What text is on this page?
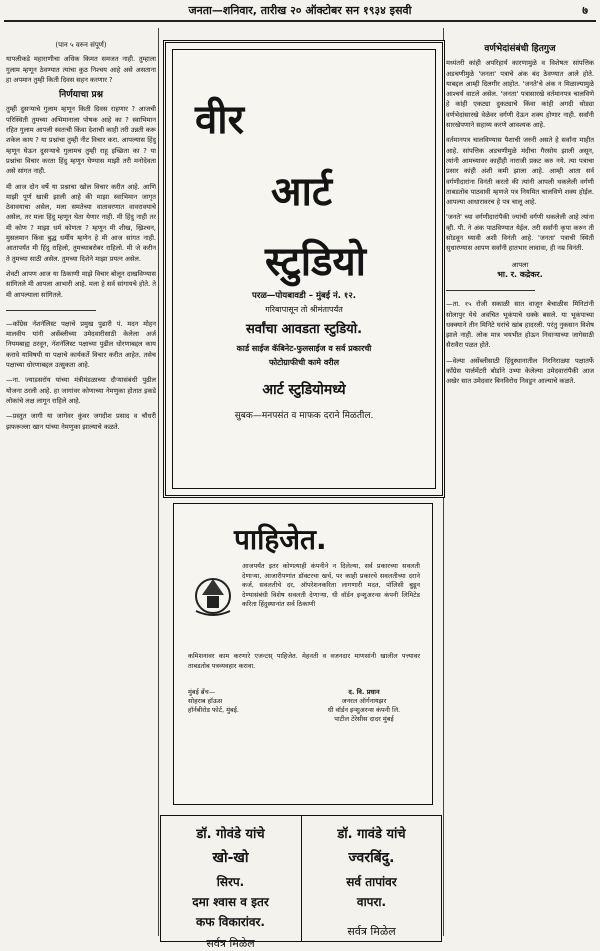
जनता—शनिवार, तारीख २० ऑक्टोबर सन १९३४ इसवी	७
(पान ५ वरुन संपूर्ण)

यापलीकडे महाराणीचा अधिक किमत समजत नाही. तुम्हाला गुलाम म्हणून ठेवण्यात त्यांचा कुठ निश्चय आहे असे असताना हा अपमान तुम्ही किती दिवस सहन करणार ?

निर्णयाचा प्रश्न

तुम्ही दुसऱ्याचे गुलाम म्हणून किती दिवस राहणार ? आजची परिस्थिती तुमच्या अभिमानाला पोषक आहे का ? स्वाभिमान रहित गुलाम आपली स्वतःची किंवा देशाची काही तरी उन्नती करू शकेल काय ? या प्रश्नांचा तुम्ही नीट विचार करा. आपल्यास हिंदु म्हणून घेऊन दुसऱ्याचे गुलामच तुम्ही राहू इच्छिता का ? या प्रश्नांचा विचार करता हिंदु म्हणून घेण्यास माझी तरी मनोदेवता असे सांगत नाही.

मी आज दोन वर्षे या प्रश्नाचा खोल विचार करीत आहे. आणि माझी पूर्ण खात्री झाली आहे की माझा स्वाभिमान जागृत ठेवावयाचा असेल, मला समतेच्या वातावरणात वावरावयाचे असेल, तर मला हिंदु म्हणून घेता येणार नाही. मी हिंदु नाही तर मी कोण ? माझा धर्म कोणता ? म्हणून मी शीख, ख्रिश्चन, मुसलमान किंवा बुद्ध धर्मीय म्हणेन हे मी आज सांगत नाही. आतापर्यंत मी हिंदु राहिलो, तुमच्याबरोबर राहिलो. मी जे करीन ते तुमच्या साठी असेल. तुमच्या दिशेने माझा प्रयत्न असेल.

शेवटी आपण आज या ठिकाणी माझे विचार बोलून दाखविण्यास सांगितले मी आपला आभारी आहे. मला हे सर्व सांगायचे होते. ते मी आपल्याला सांगितले.

—कॉंग्रेस नॅशनॅलिस्ट पक्षाचे प्रमुख पुढारी पं. मदन मोहन मालवीय यांनी असेंब्लीच्या उमेदवारीसाठी केलेला अर्ज नियमबाह्य ठरवून, नॅशनॅलिस्ट पक्षाच्या पुढील धोरणाबद्दल काय करावे याविषयी या पक्षाचे कार्यकर्ते विचार करीत आहेत. तसेच पक्षाच्या धोरणाबद्दल उत्सुकता आहे.

—ना. ज्याडसरॉय यांच्या मंत्रीमंडळाच्या दौऱ्यासंबंधी पुढील योजना ठरली आहे. हा जागांवर कोणाच्या नेमणुका होतात इकडे लोकांचे लक्ष लागून राहिले आहे.

—प्रस्तुत जागी या जागेवर कुंवर जगदीश प्रसाद व चौधरी झफरूल्ला खान यांच्या नेमणुका झाल्याचे कळते.

वीर
आर्ट
स्टुडियो
परळ—पोयबावडी – मुंबई नं. १२.
गरिबापासून तो श्रीमंतापर्यंत
सर्वांचा आवडता स्टुडियो.
कार्ड साईज कॅबिनेट-फुलसाईज व सर्व प्रकारची
फोटोग्राफीची कामे वरील
आर्ट स्टुडियोमध्ये
सुबक—मनपसंत व माफक दराने मिळतील.
पाहिजेत.
आजपर्यंत इतर कोणत्याही कंपनीने न दिलेल्या, सर्व प्रकारच्या सवलती देणाऱ्या, आजारीपणांत डॉक्टरचा खर्च, पर काही प्रकारचे सवलतीच्या दराने कर्ज, सवलतीचे दर, ऑपरेशनकरिता लागणारी मदत, पॉलिसी बुडून देण्यासंबंधी विशेष सवलती देणाऱ्या, धी वॉर्डन इन्शुअरन्स कंपनी लिमिटेड करिता हिंदुस्थानांत सर्व ठिकाणी
कमिशनावर काम करणारे एजन्टस् पाहिजेत. मेहनती व वजनदार माणसांनी खालील पत्त्यावर ताबडतोब पत्रव्यवहार करावा.
मुंबई ब्रँच—
सोहराब हॉऊस
हॉर्नबीरोड फोर्ट, मुंबई.
द. वि. प्रधान
जनरल ऑर्गनायझर
धी वॉर्डन इन्शुअरन्स कंपनी लि.
पाटील टेरेसीस दादर मुंबई
डॉ. गोवंडे यांचे
खो-खो
सिरप.
दमा श्वास व इतर
कफ विकारांवर.
सर्वत्र मिळेल
डॉ. गावंडे यांचे
ज्वरबिंदु.
सर्व तापांवर
वापरा.
सर्वत्र मिळेल
वर्णभेदांसंबंधी हितगुज

मध्यंतरी कांही अपरिहार्य कारणामुळे व विशेषतः सांपत्तिक अडचणीमुळे 'जनता' पत्राचे अंक बंद ठेवण्यात आले होते. याबद्दल आम्ही दिलगीर आहोत. 'जनते'चे अंक न मिळाल्यामुळे आश्चर्य वाटले असेल. 'जनता' पत्रासारखे वर्तमानपत्र चालविणे हे कांही एकट्या दुकट्याचे किंवा कांही अगदी थोड्या वर्णभेदांसारखे वेळेवर वर्गणी देऊन शक्य होणार नाही. सर्वांनी सारखेपणाने सहाय्य करणे आवश्यक आहे.

वर्तमानपत्र चालविण्यास पैशाची जरुरी असते हे सर्वांना माहीत आहे. सांपत्तिक अडचणीमुळे मंदीचा गैरसोय झाली असून, त्यांनी आमच्यावर काहीही नाराजी प्रकट करु नये. त्या पत्राचा प्रसार कांही अंशी कमी झाला आहे. आम्ही आता सर्व वर्गणीदारांना विनंती करतो की त्यांनी आपली थकलेली वर्गणी ताबडतोब पाठवावी म्हणजे पत्र नियमित चालविणे शक्य होईल. आपल्या आधारावरच हे पत्र चालू आहे.

'जनते' च्या वर्गणीदारांपैकी ज्यांची वर्गणी थकलेली आहे त्यांना व्ही. पी. ने अंक पाठविण्यात येईल. तरी सर्वांनी कृपा करुन ती सोडवून घ्यावी अशी विनंती आहे. 'जनता' पत्राची स्थिती सुधारण्यास आपण सर्वांनी हातभार लावावा, ही नम्र विनंती.

आपला
भा. र. कद्रेकर.

—ता. १५ रोजी सकाळी सात वाजून बेचाळीस मिनिटांनी सोलापुर येथे अवचित भूकंपाचे धक्के बसले. या भूकंपाच्या धक्क्याने तीन मिनिटे घरांचे खांब हादरली. परंतु नुकसान विशेष झाले नाही. लोक मात्र भयभीत होऊन निवाऱ्याच्या जागेसाठी सैरावैरा पळत होते.

—वेल्या असेंब्लीसाठी हिंदुस्थानातील निरनिराळ्या पक्षातर्फे कॉंग्रेस पार्लमेंटरी बोर्डाने उभ्या केलेल्या उमेदवारांपैकी आज अखेर सात उमेदवार बिनविरोध निवडून आल्याचे कळते.
